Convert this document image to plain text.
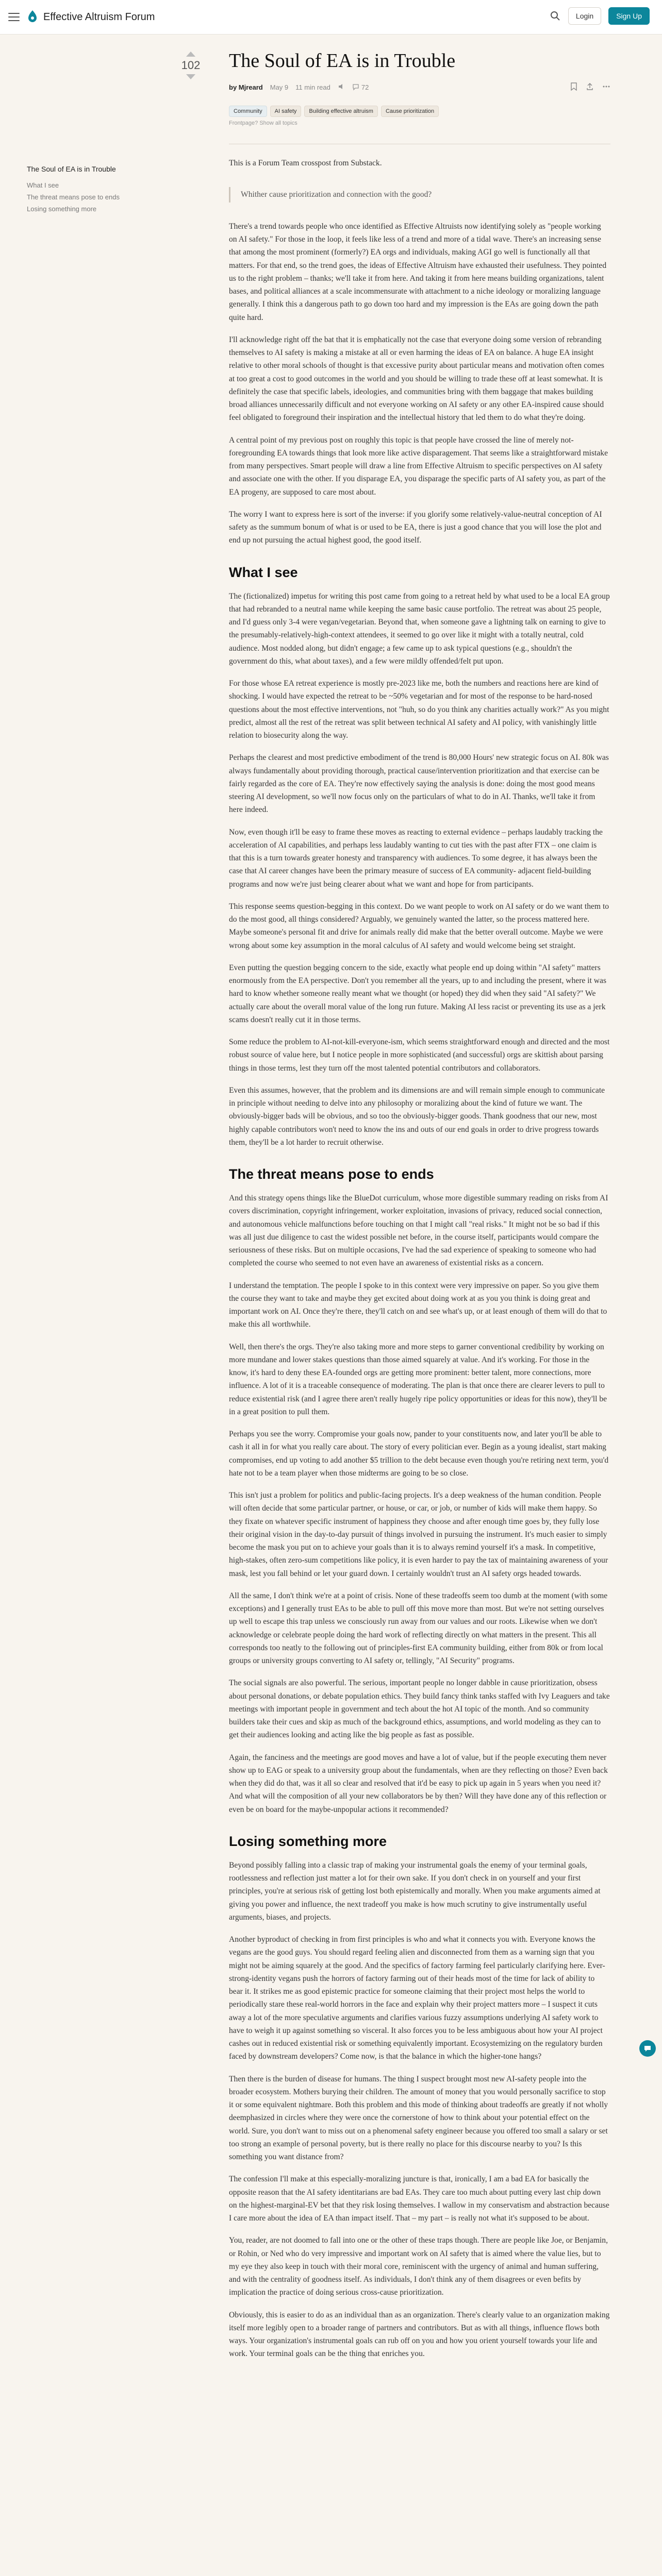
Effective Altruism Forum	Login	Sign Up
The Soul of EA is in Trouble
What I see
The threat means pose to ends
Losing something more
102 The Soul of EA is in Trouble
by Mjreard May 9 11 min read	72
Community	AI safety	Building effective altruism	Cause prioritization
Frontpage? Show all topics

This is a Forum Team crosspost from Substack.

Whither cause prioritization and connection with the good?

There's a trend towards people who once identified as Effective Altruists now identifying solely as "people working on AI safety." For those in the loop, it feels like less of a trend and more of a tidal wave. There's an increasing sense that among the most prominent (formerly?) EA orgs and individuals, making AGI go well is functionally all that matters. For that end, so the trend goes, the ideas of Effective Altruism have exhausted their usefulness. They pointed us to the right problem – thanks; we'll take it from here. And taking it from here means building organizations, talent bases, and political alliances at a scale incommensurate with attachment to a niche ideology or moralizing language generally. I think this a dangerous path to go down too hard and my impression is the EAs are going down the path quite hard.

I'll acknowledge right off the bat that it is emphatically not the case that everyone doing some version of rebranding themselves to AI safety is making a mistake at all or even harming the ideas of EA on balance. A huge EA insight relative to other moral schools of thought is that excessive purity about particular means and motivation often comes at too great a cost to good outcomes in the world and you should be willing to trade these off at least somewhat. It is definitely the case that specific labels, ideologies, and communities bring with them baggage that makes building broad alliances unnecessarily difficult and not everyone working on AI safety or any other EA-inspired cause should feel obligated to foreground their inspiration and the intellectual history that led them to do what they're doing.

A central point of my previous post on roughly this topic is that people have crossed the line of merely not-foregrounding EA towards things that look more like active disparagement. That seems like a straightforward mistake from many perspectives. Smart people will draw a line from Effective Altruism to specific perspectives on AI safety and associate one with the other. If you disparage EA, you disparage the specific parts of AI safety you, as part of the EA progeny, are supposed to care most about.

The worry I want to express here is sort of the inverse: if you glorify some relatively-value-neutral conception of AI safety as the summum bonum of what is or used to be EA, there is just a good chance that you will lose the plot and end up not pursuing the actual highest good, the good itself.

What I see

The (fictionalized) impetus for writing this post came from going to a retreat held by what used to be a local EA group that had rebranded to a neutral name while keeping the same basic cause portfolio. The retreat was about 25 people, and I'd guess only 3-4 were vegan/vegetarian. Beyond that, when someone gave a lightning talk on earning to give to the presumably-relatively-high-context attendees, it seemed to go over like it might with a totally neutral, cold audience. Most nodded along, but didn't engage; a few came up to ask typical questions (e.g., shouldn't the government do this, what about taxes), and a few were mildly offended/felt put upon.

For those whose EA retreat experience is mostly pre-2023 like me, both the numbers and reactions here are kind of shocking. I would have expected the retreat to be ~50% vegetarian and for most of the response to be hard-nosed questions about the most effective interventions, not "huh, so do you think any charities actually work?" As you might predict, almost all the rest of the retreat was split between technical AI safety and AI policy, with vanishingly little relation to biosecurity along the way.

Perhaps the clearest and most predictive embodiment of the trend is 80,000 Hours' new strategic focus on AI. 80k was always fundamentally about providing thorough, practical cause/intervention prioritization and that exercise can be fairly regarded as the core of EA. They're now effectively saying the analysis is done: doing the most good means steering AI development, so we'll now focus only on the particulars of what to do in AI. Thanks, we'll take it from here indeed.

Now, even though it'll be easy to frame these moves as reacting to external evidence – perhaps laudably tracking the acceleration of AI capabilities, and perhaps less laudably wanting to cut ties with the past after FTX – one claim is that this is a turn towards greater honesty and transparency with audiences. To some degree, it has always been the case that AI career changes have been the primary measure of success of EA community- adjacent field-building programs and now we're just being clearer about what we want and hope for from participants.

This response seems question-begging in this context. Do we want people to work on AI safety or do we want them to do the most good, all things considered? Arguably, we genuinely wanted the latter, so the process mattered here. Maybe someone's personal fit and drive for animals really did make that the better overall outcome. Maybe we were wrong about some key assumption in the moral calculus of AI safety and would welcome being set straight.

Even putting the question begging concern to the side, exactly what people end up doing within "AI safety" matters enormously from the EA perspective. Don't you remember all the years, up to and including the present, where it was hard to know whether someone really meant what we thought (or hoped) they did when they said "AI safety?" We actually care about the overall moral value of the long run future. Making AI less racist or preventing its use as a jerk scams doesn't really cut it in those terms.

Some reduce the problem to AI-not-kill-everyone-ism, which seems straightforward enough and directed and the most robust source of value here, but I notice people in more sophisticated (and successful) orgs are skittish about parsing things in those terms, lest they turn off the most talented potential contributors and collaborators.

Even this assumes, however, that the problem and its dimensions are and will remain simple enough to communicate in principle without needing to delve into any philosophy or moralizing about the kind of future we want. The obviously-bigger bads will be obvious, and so too the obviously-bigger goods. Thank goodness that our new, most highly capable contributors won't need to know the ins and outs of our end goals in order to drive progress towards them, they'll be a lot harder to recruit otherwise.

The threat means pose to ends

And this strategy opens things like the BlueDot curriculum, whose more digestible summary reading on risks from AI covers discrimination, copyright infringement, worker exploitation, invasions of privacy, reduced social connection, and autonomous vehicle malfunctions before touching on that I might call "real risks." It might not be so bad if this was all just due diligence to cast the widest possible net before, in the course itself, participants would compare the seriousness of these risks. But on multiple occasions, I've had the sad experience of speaking to someone who had completed the course who seemed to not even have an awareness of existential risks as a concern.

I understand the temptation. The people I spoke to in this context were very impressive on paper. So you give them the course they want to take and maybe they get excited about doing work at as you you think is doing great and important work on AI. Once they're there, they'll catch on and see what's up, or at least enough of them will do that to make this all worthwhile.

Well, then there's the orgs. They're also taking more and more steps to garner conventional credibility by working on more mundane and lower stakes questions than those aimed squarely at value. And it's working. For those in the know, it's hard to deny these EA-founded orgs are getting more prominent: better talent, more connections, more influence. A lot of it is a traceable consequence of moderating. The plan is that once there are clearer levers to pull to reduce existential risk (and I agree there aren't really hugely ripe policy opportunities or ideas for this now), they'll be in a great position to pull them.

Perhaps you see the worry. Compromise your goals now, pander to your constituents now, and later you'll be able to cash it all in for what you really care about. The story of every politician ever. Begin as a young idealist, start making compromises, end up voting to add another $5 trillion to the debt because even though you're retiring next term, you'd hate not to be a team player when those midterms are going to be so close.

This isn't just a problem for politics and public-facing projects. It's a deep weakness of the human condition. People will often decide that some particular partner, or house, or car, or job, or number of kids will make them happy. So they fixate on whatever specific instrument of happiness they choose and after enough time goes by, they fully lose their original vision in the day-to-day pursuit of things involved in pursuing the instrument. It's much easier to simply become the mask you put on to achieve your goals than it is to always remind yourself it's a mask. In competitive, high-stakes, often zero-sum competitions like policy, it is even harder to pay the tax of maintaining awareness of your mask, lest you fall behind or let your guard down. I certainly wouldn't trust an AI safety orgs headed towards.

All the same, I don't think we're at a point of crisis. None of these tradeoffs seem too dumb at the moment (with some exceptions) and I generally trust EAs to be able to pull off this move more than most. But we're not setting ourselves up well to escape this trap unless we consciously run away from our values and our roots. Likewise when we don't acknowledge or celebrate people doing the hard work of reflecting directly on what matters in the present. This all corresponds too neatly to the following out of principles-first EA community building, either from 80k or from local groups or university groups converting to AI safety or, tellingly, "AI Security" programs.

The social signals are also powerful. The serious, important people no longer dabble in cause prioritization, obsess about personal donations, or debate population ethics. They build fancy think tanks staffed with Ivy Leaguers and take meetings with important people in government and tech about the hot AI topic of the month. And so community builders take their cues and skip as much of the background ethics, assumptions, and world modeling as they can to get their audiences looking and acting like the big people as fast as possible.

Again, the fanciness and the meetings are good moves and have a lot of value, but if the people executing them never show up to EAG or speak to a university group about the fundamentals, when are they reflecting on those? Even back when they did do that, was it all so clear and resolved that it'd be easy to pick up again in 5 years when you need it? And what will the composition of all your new collaborators be by then? Will they have done any of this reflection or even be on board for the maybe-unpopular actions it recommended?

Losing something more

Beyond possibly falling into a classic trap of making your instrumental goals the enemy of your terminal goals, rootlessness and reflection just matter a lot for their own sake. If you don't check in on yourself and your first principles, you're at serious risk of getting lost both epistemically and morally. When you make arguments aimed at giving you power and influence, the next tradeoff you make is how much scrutiny to give instrumentally useful arguments, biases, and projects.

Another byproduct of checking in from first principles is who and what it connects you with. Everyone knows the vegans are the good guys. You should regard feeling alien and disconnected from them as a warning sign that you might not be aiming squarely at the good. And the specifics of factory farming feel particularly clarifying here. Ever-strong-identity vegans push the horrors of factory farming out of their heads most of the time for lack of ability to bear it. It strikes me as good epistemic practice for someone claiming that their project most helps the world to periodically stare these real-world horrors in the face and explain why their project matters more – I suspect it cuts away a lot of the more speculative arguments and clarifies various fuzzy assumptions underlying AI safety work to have to weigh it up against something so visceral. It also forces you to be less ambiguous about how your AI project cashes out in reduced existential risk or something equivalently important. Ecosystemizing on the regulatory burden faced by downstream developers? Come now, is that the balance in which the higher-tone hangs?

Then there is the burden of disease for humans. The thing I suspect brought most new AI-safety people into the broader ecosystem. Mothers burying their children. The amount of money that you would personally sacrifice to stop it or some equivalent nightmare. Both this problem and this mode of thinking about tradeoffs are greatly if not wholly deemphasized in circles where they were once the cornerstone of how to think about your potential effect on the world. Sure, you don't want to miss out on a phenomenal safety engineer because you offered too small a salary or set too strong an example of personal poverty, but is there really no place for this discourse nearby to you? Is this something you want distance from?

The confession I'll make at this especially-moralizing juncture is that, ironically, I am a bad EA for basically the opposite reason that the AI safety identitarians are bad EAs. They care too much about putting every last chip down on the highest-marginal-EV bet that they risk losing themselves. I wallow in my conservatism and abstraction because I care more about the idea of EA than impact itself. That – my part – is really not what it's supposed to be about.

You, reader, are not doomed to fall into one or the other of these traps though. There are people like Joe, or Benjamin, or Rohin, or Ned who do very impressive and important work on AI safety that is aimed where the value lies, but to my eye they also keep in touch with their moral core, reminiscent with the urgency of animal and human suffering, and with the centrality of goodness itself. As individuals, I don't think any of them disagrees or even befits by implication the practice of doing serious cross-cause prioritization.

Obviously, this is easier to do as an individual than as an organization. There's clearly value to an organization making itself more legibly open to a broader range of partners and contributors. But as with all things, influence flows both ways. Your organization's instrumental goals can rub off on you and how you orient yourself towards your life and work. Your terminal goals can be the thing that enriches you.
